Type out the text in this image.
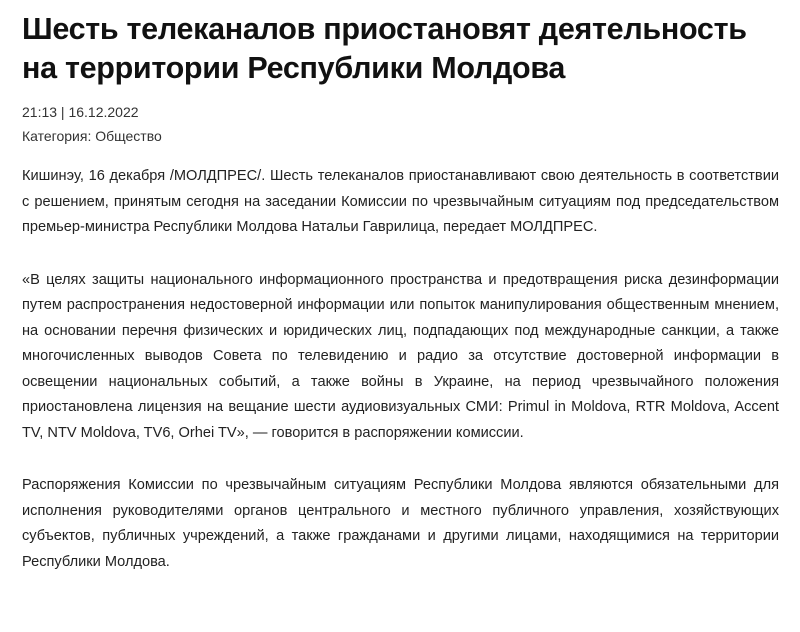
Шесть телеканалов приостановят деятельность на территории Республики Молдова
21:13 | 16.12.2022
Категория: Общество

Кишинэу, 16 декабря /МОЛДПРЕС/. Шесть телеканалов приостанавливают свою деятельность в соответствии с решением, принятым сегодня на заседании Комиссии по чрезвычайным ситуациям под председательством премьер-министра Республики Молдова Натальи Гаврилица, передает МОЛДПРЕС.

«В целях защиты национального информационного пространства и предотвращения риска дезинформации путем распространения недостоверной информации или попыток манипулирования общественным мнением, на основании перечня физических и юридических лиц, подпадающих под международные санкции, а также многочисленных выводов Совета по телевидению и радио за отсутствие достоверной информации в освещении национальных событий, а также войны в Украине, на период чрезвычайного положения приостановлена лицензия на вещание шести аудиовизуальных СМИ: Primul in Moldova, RTR Moldova, Accent TV, NTV Moldova, TV6, Orhei TV», — говорится в распоряжении комиссии.

Распоряжения Комиссии по чрезвычайным ситуациям Республики Молдова являются обязательными для исполнения руководителями органов центрального и местного публичного управления, хозяйствующих субъектов, публичных учреждений, а также гражданами и другими лицами, находящимися на территории Республики Молдова.
